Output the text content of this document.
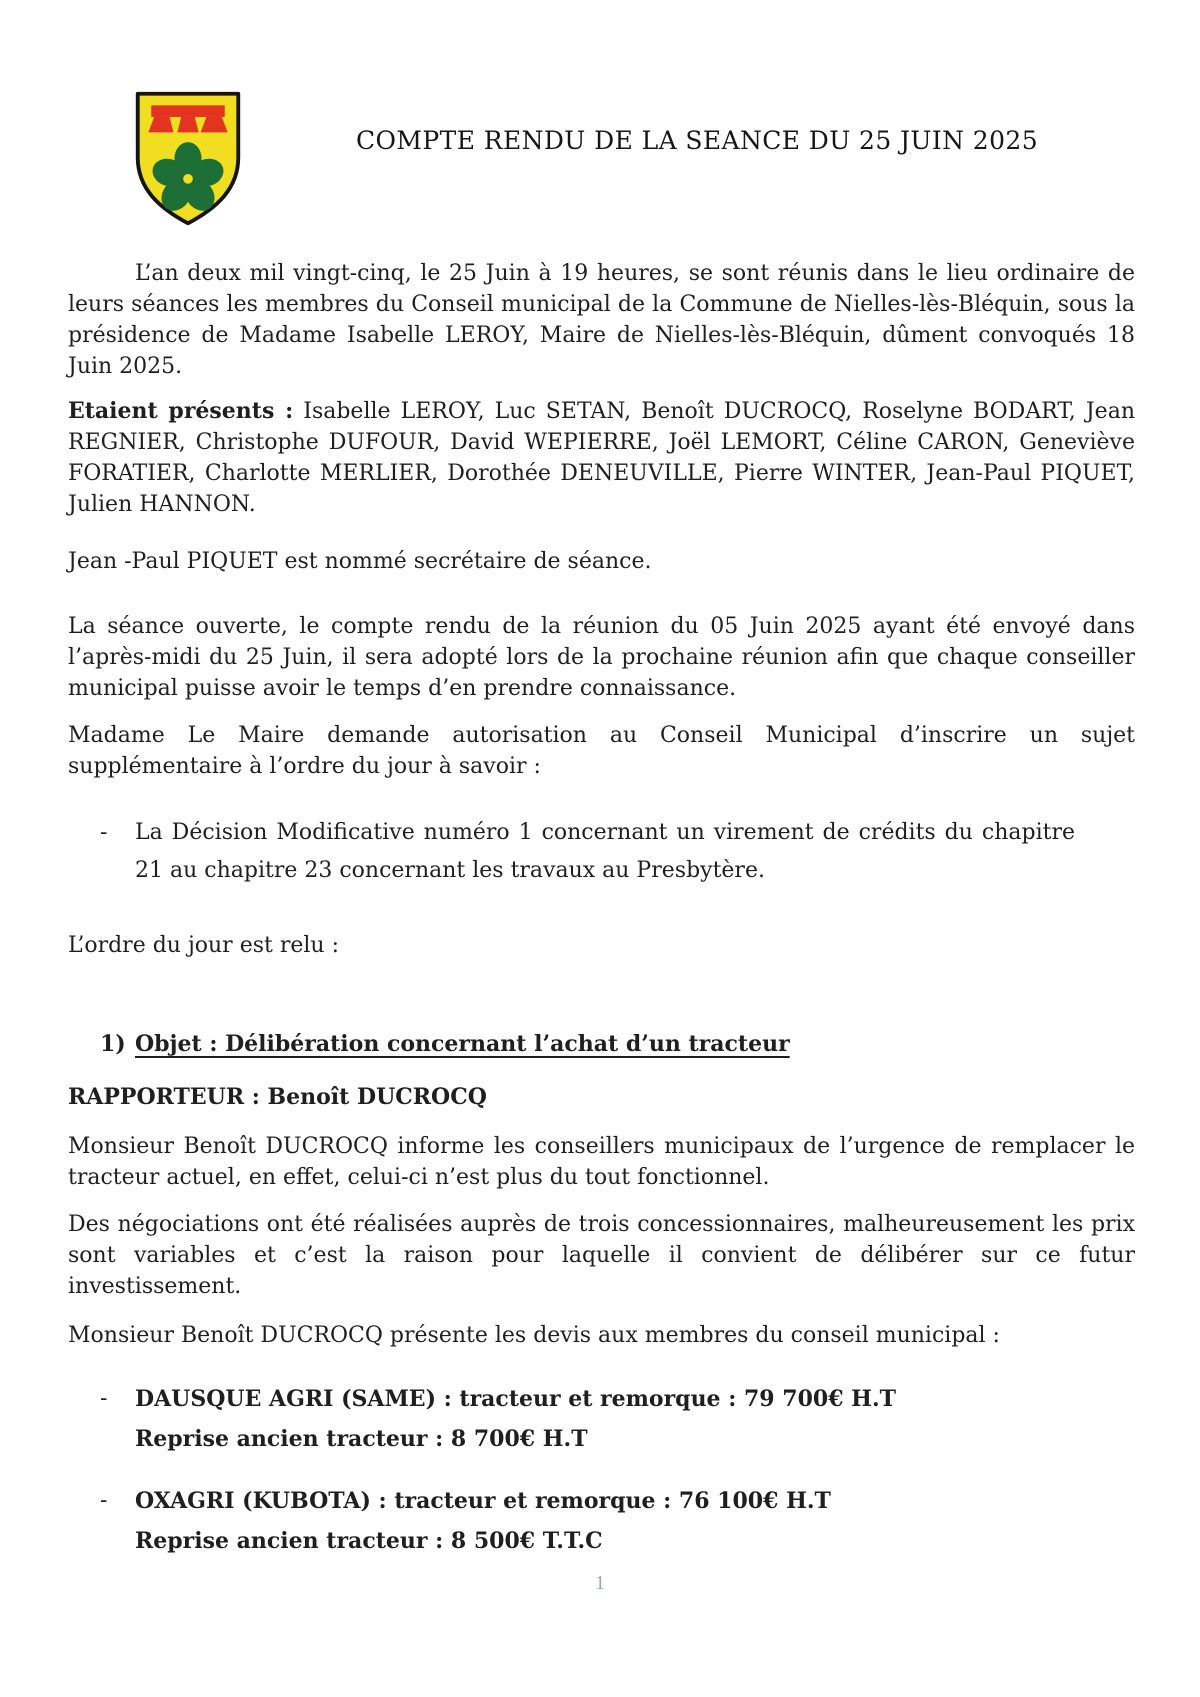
COMPTE RENDU DE LA SEANCE DU 25 JUIN 2025

L’an deux mil vingt-cinq, le 25 Juin à 19 heures, se sont réunis dans le lieu ordinaire de leurs séances les membres du Conseil municipal de la Commune de Nielles-lès-Bléquin, sous la présidence de Madame Isabelle LEROY, Maire de Nielles-lès-Bléquin, dûment convoqués 18 Juin 2025.

Etaient présents : Isabelle LEROY, Luc SETAN, Benoît DUCROCQ, Roselyne BODART, Jean REGNIER, Christophe DUFOUR, David WEPIERRE, Joël LEMORT, Céline CARON, Geneviève FORATIER, Charlotte MERLIER, Dorothée DENEUVILLE, Pierre WINTER, Jean-Paul PIQUET, Julien HANNON.

Jean -Paul PIQUET est nommé secrétaire de séance.

La séance ouverte, le compte rendu de la réunion du 05 Juin 2025 ayant été envoyé dans l’après-midi du 25 Juin, il sera adopté lors de la prochaine réunion afin que chaque conseiller municipal puisse avoir le temps d’en prendre connaissance.

Madame Le Maire demande autorisation au Conseil Municipal d’inscrire un sujet supplémentaire à l’ordre du jour à savoir :

-	La Décision Modificative numéro 1 concernant un virement de crédits du chapitre 21 au chapitre 23 concernant les travaux au Presbytère.

L’ordre du jour est relu :

1) Objet : Délibération concernant l’achat d’un tracteur

RAPPORTEUR : Benoît DUCROCQ

Monsieur Benoît DUCROCQ informe les conseillers municipaux de l’urgence de remplacer le tracteur actuel, en effet, celui-ci n’est plus du tout fonctionnel.

Des négociations ont été réalisées auprès de trois concessionnaires, malheureusement les prix sont variables et c’est la raison pour laquelle il convient de délibérer sur ce futur investissement.

Monsieur Benoît DUCROCQ présente les devis aux membres du conseil municipal :

-	DAUSQUE AGRI (SAME) : tracteur et remorque : 79 700€ H.T
Reprise ancien tracteur : 8 700€ H.T
-	OXAGRI (KUBOTA) : tracteur et remorque : 76 100€ H.T
Reprise ancien tracteur : 8 500€ T.T.C
1
